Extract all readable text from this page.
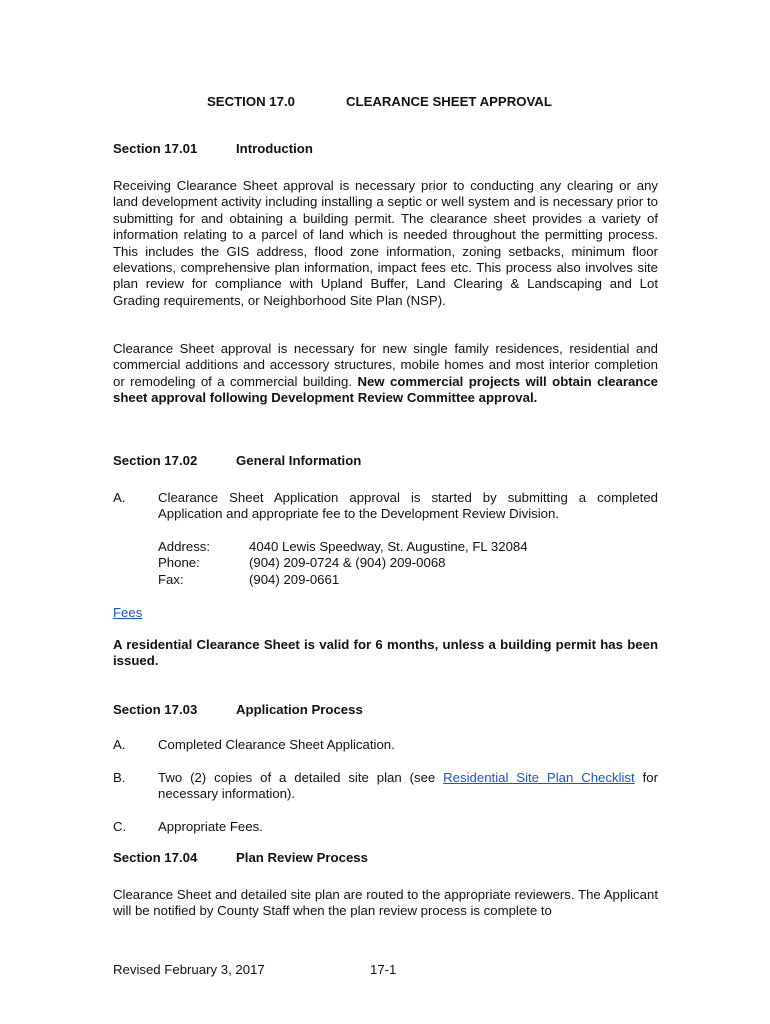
SECTION 17.0	CLEARANCE SHEET APPROVAL
Section 17.01	Introduction

Receiving Clearance Sheet approval is necessary prior to conducting any clearing or any land development activity including installing a septic or well system and is necessary prior to submitting for and obtaining a building permit. The clearance sheet provides a variety of information relating to a parcel of land which is needed throughout the permitting process. This includes the GIS address, flood zone information, zoning setbacks, minimum floor elevations, comprehensive plan information, impact fees etc. This process also involves site plan review for compliance with Upland Buffer, Land Clearing & Landscaping and Lot Grading requirements, or Neighborhood Site Plan (NSP).

Clearance Sheet approval is necessary for new single family residences, residential and commercial additions and accessory structures, mobile homes and most interior completion or remodeling of a commercial building. New commercial projects will obtain clearance sheet approval following Development Review Committee approval.

Section 17.02	General Information
A. Clearance Sheet Application approval is started by submitting a completed Application and appropriate fee to the Development Review Division.

Address:	4040 Lewis Speedway, St. Augustine, FL 32084
Phone:	(904) 209-0724 & (904) 209-0068
Fax:	(904) 209-0661
Fees

A residential Clearance Sheet is valid for 6 months, unless a building permit has been issued.

Section 17.03	Application Process
A. Completed Clearance Sheet Application.
B. Two (2) copies of a detailed site plan (see Residential Site Plan Checklist for necessary information).

C. Appropriate Fees.
Section 17.04	Plan Review Process

Clearance Sheet and detailed site plan are routed to the appropriate reviewers. The Applicant will be notified by County Staff when the plan review process is complete to

Revised February 3, 2017	17-1
